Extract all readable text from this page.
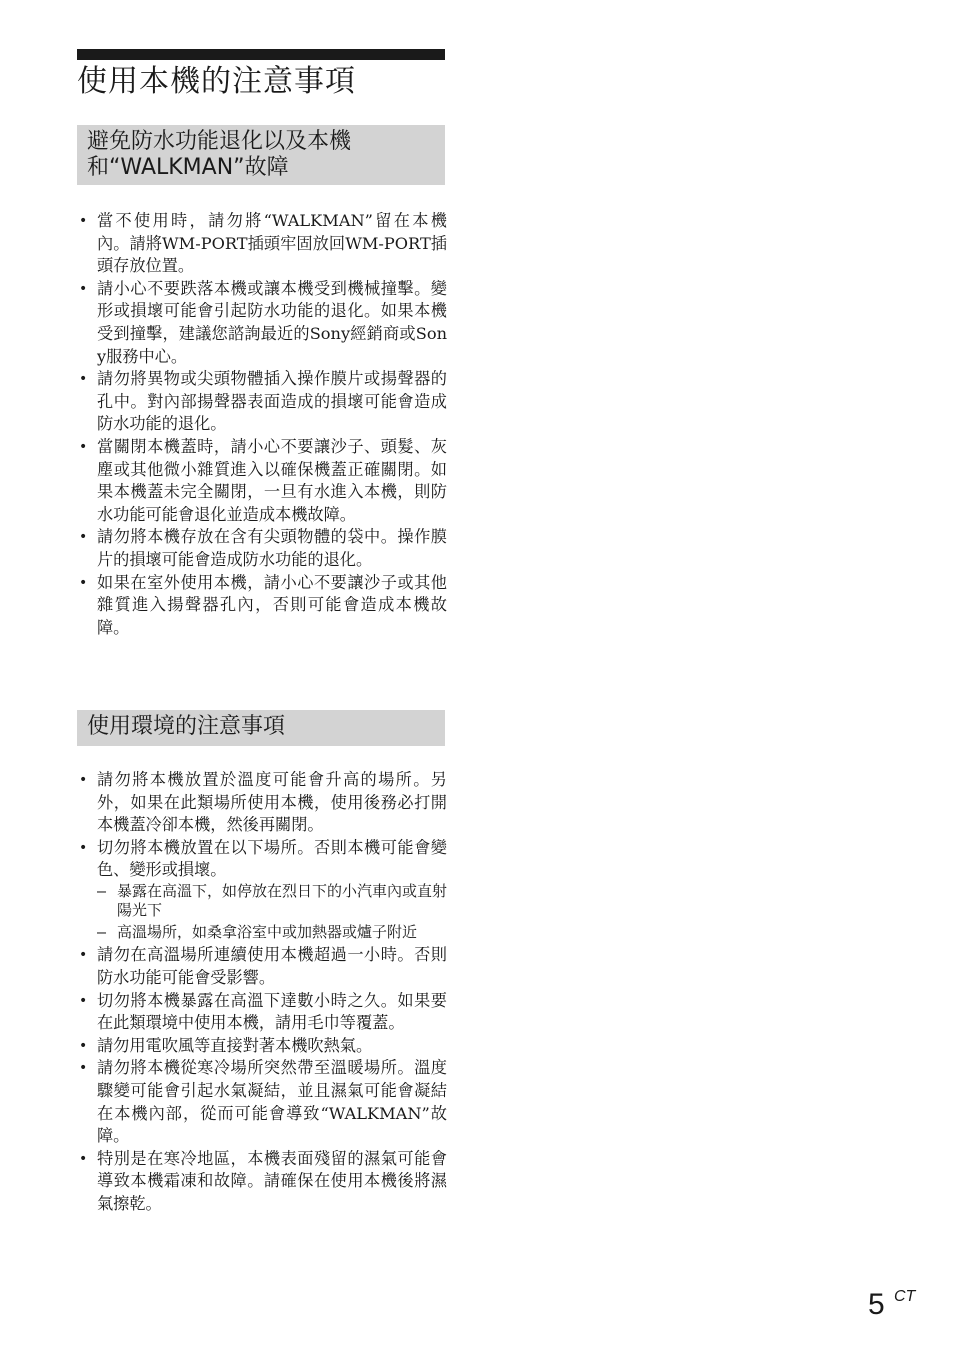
使用本機的注意事項
避免防水功能退化以及本機
和“WALKMAN”故障
• 當不使用時，請勿將“WALKMAN”留在本機內。請將WM-PORT插頭牢固放回WM-PORT插頭存放位置。
• 請小心不要跌落本機或讓本機受到機械撞擊。變形或損壞可能會引起防水功能的退化。如果本機受到撞擊，建議您諮詢最近的Sony經銷商或Sony服務中心。
• 請勿將異物或尖頭物體插入操作膜片或揚聲器的孔中。對內部揚聲器表面造成的損壞可能會造成防水功能的退化。
• 當關閉本機蓋時，請小心不要讓沙子、頭髮、灰塵或其他微小雜質進入以確保機蓋正確關閉。如果本機蓋未完全關閉，一旦有水進入本機，則防水功能可能會退化並造成本機故障。
• 請勿將本機存放在含有尖頭物體的袋中。操作膜片的損壞可能會造成防水功能的退化。
• 如果在室外使用本機，請小心不要讓沙子或其他雜質進入揚聲器孔內，否則可能會造成本機故障。
使用環境的注意事項
• 請勿將本機放置於溫度可能會升高的場所。另外，如果在此類場所使用本機，使用後務必打開本機蓋冷卻本機，然後再關閉。
• 切勿將本機放置在以下場所。否則本機可能會變色、變形或損壞。
– 暴露在高溫下，如停放在烈日下的小汽車內或直射陽光下
– 高溫場所，如桑拿浴室中或加熱器或爐子附近
• 請勿在高溫場所連續使用本機超過一小時。否則防水功能可能會受影響。
• 切勿將本機暴露在高溫下達數小時之久。如果要在此類環境中使用本機，請用毛巾等覆蓋。
• 請勿用電吹風等直接對著本機吹熱氣。
• 請勿將本機從寒冷場所突然帶至溫暖場所。溫度驟變可能會引起水氣凝結，並且濕氣可能會凝結在本機內部，從而可能會導致“WALKMAN”故障。
• 特別是在寒冷地區，本機表面殘留的濕氣可能會導致本機霜凍和故障。請確保在使用本機後將濕氣擦乾。
5 CT
